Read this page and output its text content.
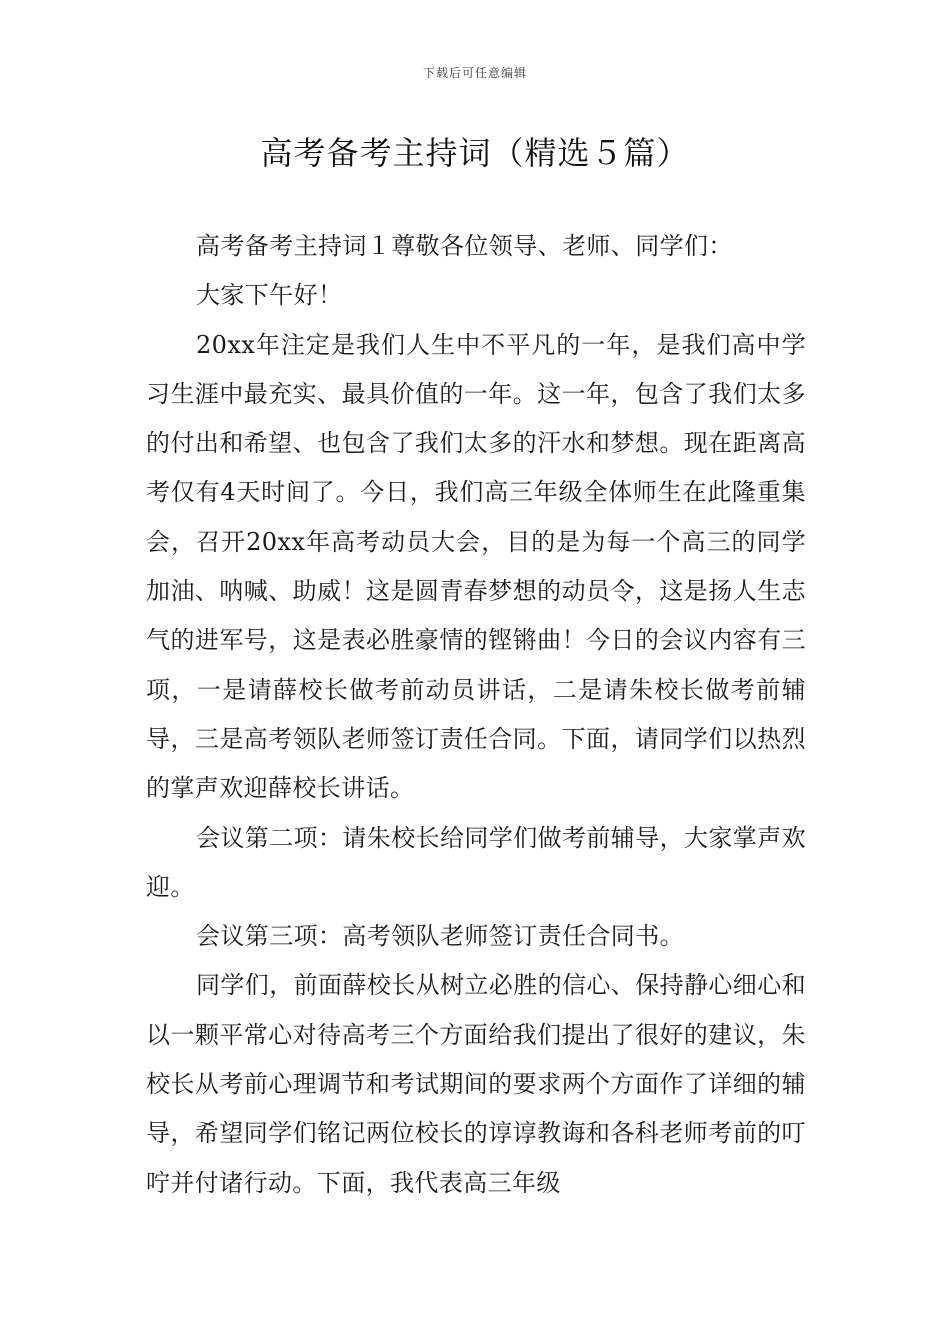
下载后可任意编辑
高考备考主持词（精选５篇）

高考备考主持词１尊敬各位领导、老师、同学们：

大家下午好！

20xx年注定是我们人生中不平凡的一年，是我们高中学习生涯中最充实、最具价值的一年。这一年，包含了我们太多的付出和希望、也包含了我们太多的汗水和梦想。现在距离高考仅有4天时间了。今日，我们高三年级全体师生在此隆重集会，召开20xx年高考动员大会，目的是为每一个高三的同学加油、呐喊、助威！这是圆青春梦想的动员令，这是扬人生志气的进军号，这是表必胜豪情的铿锵曲！今日的会议内容有三项，一是请薛校长做考前动员讲话，二是请朱校长做考前辅导，三是高考领队老师签订责任合同。下面，请同学们以热烈的掌声欢迎薛校长讲话。

会议第二项：请朱校长给同学们做考前辅导，大家掌声欢迎。

会议第三项：高考领队老师签订责任合同书。

同学们，前面薛校长从树立必胜的信心、保持静心细心和以一颗平常心对待高考三个方面给我们提出了很好的建议，朱校长从考前心理调节和考试期间的要求两个方面作了详细的辅导，希望同学们铭记两位校长的谆谆教诲和各科老师考前的叮咛并付诸行动。下面，我代表高三年级
